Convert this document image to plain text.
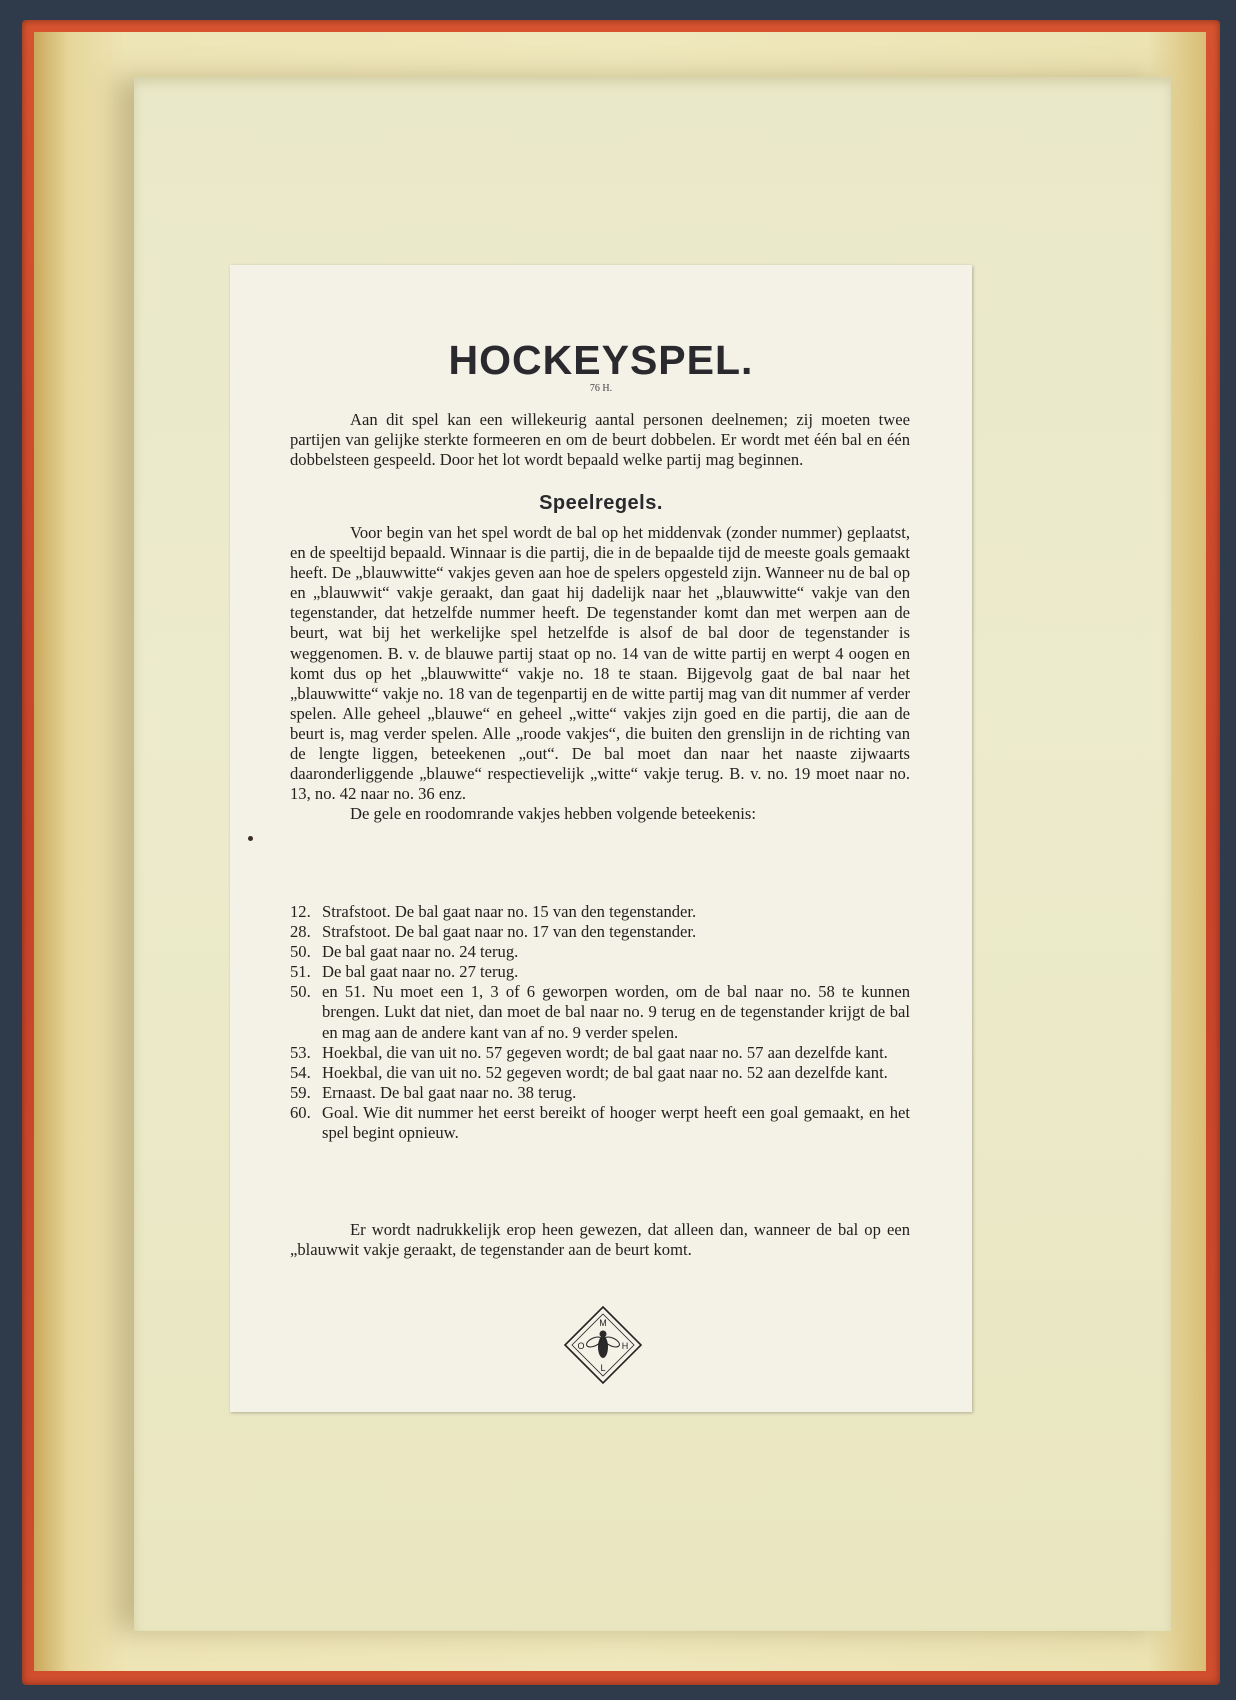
HOCKEYSPEL.
76 H.
Aan dit spel kan een willekeurig aantal personen deelnemen; zij moeten twee partijen van gelijke sterkte formeeren en om de beurt dobbelen. Er wordt met één bal en één dobbelsteen gespeeld. Door het lot wordt bepaald welke partij mag beginnen.
Speelregels.
Voor begin van het spel wordt de bal op het middenvak (zonder nummer) geplaatst, en de speeltijd bepaald. Winnaar is die partij, die in de bepaalde tijd de meeste goals gemaakt heeft. De „blauwwitte“ vakjes geven aan hoe de spelers opgesteld zijn. Wanneer nu de bal op en „blauwwit“ vakje geraakt, dan gaat hij dadelijk naar het „blauwwitte“ vakje van den tegenstander, dat hetzelfde nummer heeft. De tegenstander komt dan met werpen aan de beurt, wat bij het werkelijke spel hetzelfde is alsof de bal door de tegenstander is weggenomen. B. v. de blauwe partij staat op no. 14 van de witte partij en werpt 4 oogen en komt dus op het „blauwwitte“ vakje no. 18 te staan. Bijgevolg gaat de bal naar het „blauwwitte“ vakje no. 18 van de tegenpartij en de witte partij mag van dit nummer af verder spelen. Alle geheel „blauwe“ en geheel „witte“ vakjes zijn goed en die partij, die aan de beurt is, mag verder spelen. Alle „roode vakjes“, die buiten den grenslijn in de richting van de lengte liggen, beteekenen „out“. De bal moet dan naar het naaste zijwaarts daaronderliggende „blauwe“ respectievelijk „witte“ vakje terug. B. v. no. 19 moet naar no. 13, no. 42 naar no. 36 enz.
De gele en roodomrande vakjes hebben volgende beteekenis:
12. Strafstoot. De bal gaat naar no. 15 van den tegenstander.
28. Strafstoot. De bal gaat naar no. 17 van den tegenstander.
50. De bal gaat naar no. 24 terug.
51. De bal gaat naar no. 27 terug.
50. en 51. Nu moet een 1, 3 of 6 geworpen worden, om de bal naar no. 58 te kunnen brengen. Lukt dat niet, dan moet de bal naar no. 9 terug en de tegenstander krijgt de bal en mag aan de andere kant van af no. 9 verder spelen.
53. Hoekbal, die van uit no. 57 gegeven wordt; de bal gaat naar no. 57 aan dezelfde kant.
54. Hoekbal, die van uit no. 52 gegeven wordt; de bal gaat naar no. 52 aan dezelfde kant.
59. Ernaast. De bal gaat naar no. 38 terug.
60. Goal. Wie dit nummer het eerst bereikt of hooger werpt heeft een goal gemaakt, en het spel begint opnieuw.
Er wordt nadrukkelijk erop heen gewezen, dat alleen dan, wanneer de bal op een „blauwwit vakje geraakt, de tegenstander aan de beurt komt.
M
O	H
L
